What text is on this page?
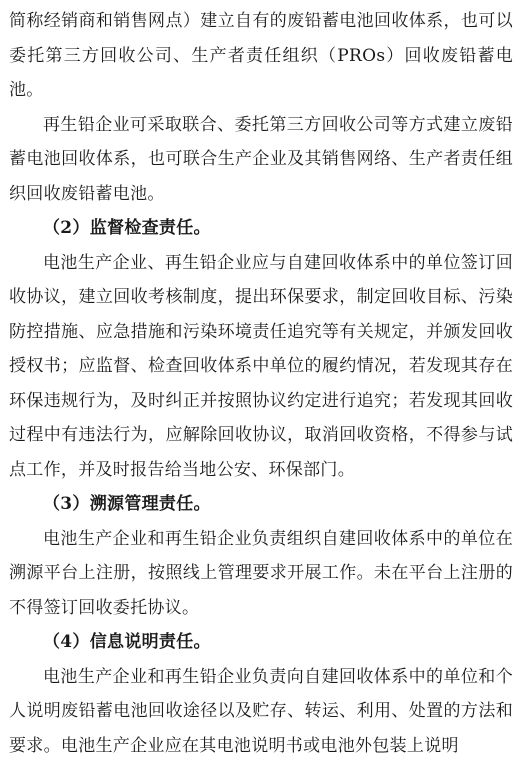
简称经销商和销售网点）建立自有的废铅蓄电池回收体系，也可以委托第三方回收公司、生产者责任组织（PROs）回收废铅蓄电池。

再生铅企业可采取联合、委托第三方回收公司等方式建立废铅蓄电池回收体系，也可联合生产企业及其销售网络、生产者责任组织回收废铅蓄电池。

（2）监督检查责任。

电池生产企业、再生铅企业应与自建回收体系中的单位签订回收协议，建立回收考核制度，提出环保要求，制定回收目标、污染防控措施、应急措施和污染环境责任追究等有关规定，并颁发回收授权书；应监督、检查回收体系中单位的履约情况，若发现其存在环保违规行为，及时纠正并按照协议约定进行追究；若发现其回收过程中有违法行为，应解除回收协议，取消回收资格，不得参与试点工作，并及时报告给当地公安、环保部门。

（3）溯源管理责任。

电池生产企业和再生铅企业负责组织自建回收体系中的单位在溯源平台上注册，按照线上管理要求开展工作。未在平台上注册的不得签订回收委托协议。

（4）信息说明责任。

电池生产企业和再生铅企业负责向自建回收体系中的单位和个人说明废铅蓄电池回收途径以及贮存、转运、利用、处置的方法和要求。电池生产企业应在其电池说明书或电池外包装上说明
